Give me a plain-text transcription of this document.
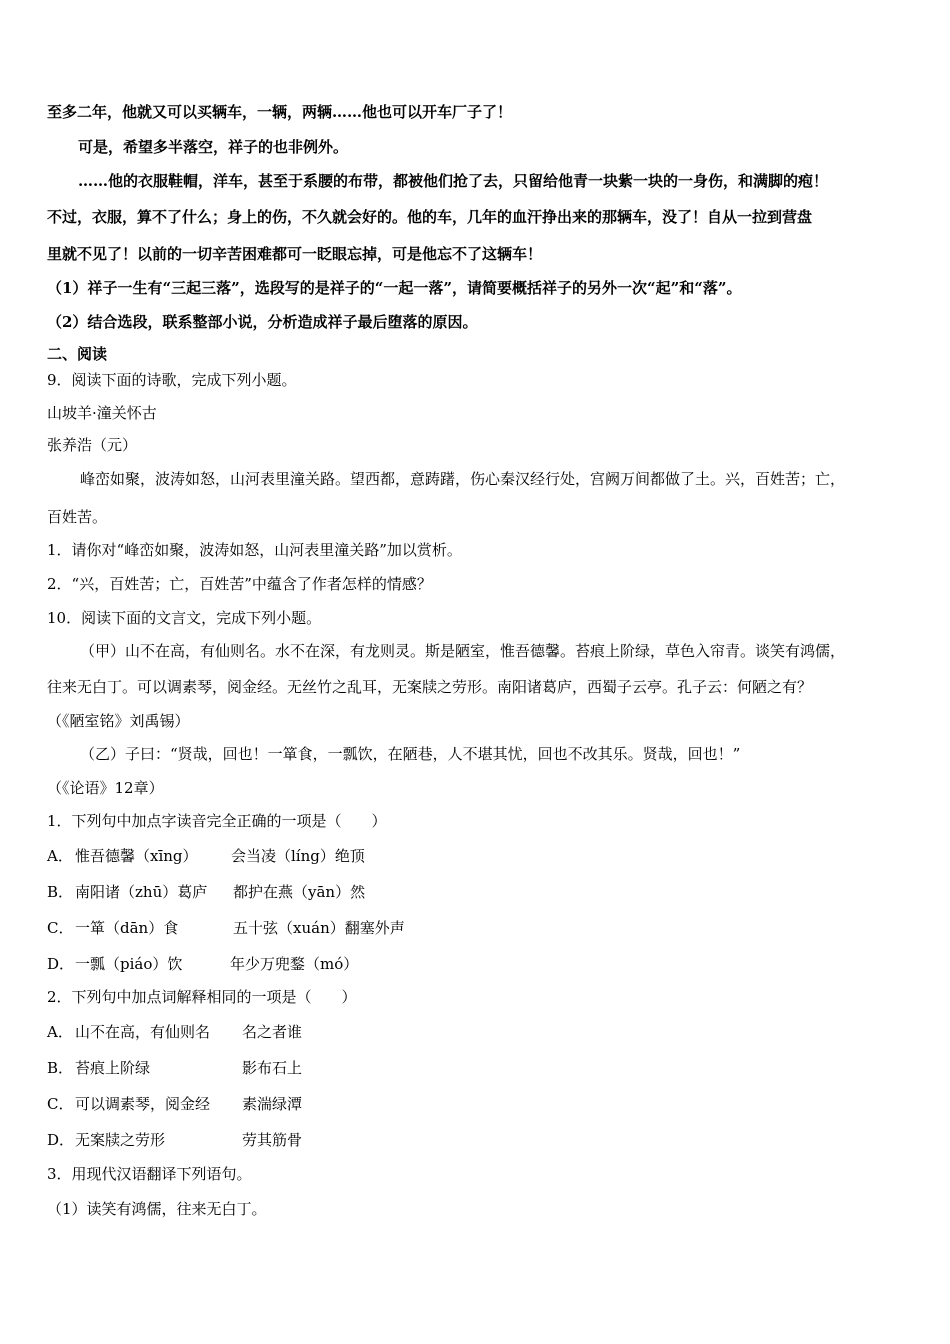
至多二年，他就又可以买辆车，一辆，两辆……他也可以开车厂子了！
可是，希望多半落空，祥子的也非例外。
……他的衣服鞋帽，洋车，甚至于系腰的布带，都被他们抢了去，只留给他青一块紫一块的一身伤，和满脚的疱！
不过，衣服，算不了什么；身上的伤，不久就会好的。他的车，几年的血汗挣出来的那辆车，没了！自从一拉到营盘
里就不见了！以前的一切辛苦困难都可一眨眼忘掉，可是他忘不了这辆车！
（1）祥子一生有“三起三落”，选段写的是祥子的“一起一落”，请简要概括祥子的另外一次“起”和“落”。
（2）结合选段，联系整部小说，分析造成祥子最后堕落的原因。
二、阅读
9．阅读下面的诗歌，完成下列小题。
山坡羊·潼关怀古
张养浩（元）
峰峦如聚，波涛如怒，山河表里潼关路。望西都，意踌躇，伤心秦汉经行处，宫阙万间都做了土。兴，百姓苦；亡，
百姓苦。
1．请你对“峰峦如聚，波涛如怒，山河表里潼关路”加以赏析。
2．“兴，百姓苦；亡，百姓苦”中蕴含了作者怎样的情感？
10．阅读下面的文言文，完成下列小题。
（甲）山不在高，有仙则名。水不在深，有龙则灵。斯是陋室，惟吾德馨。苔痕上阶绿，草色入帘青。谈笑有鸿儒，
往来无白丁。可以调素琴，阅金经。无丝竹之乱耳，无案牍之劳形。南阳诸葛庐，西蜀子云亭。孔子云：何陋之有？
（《陋室铭》刘禹锡）
（乙）子曰：“贤哉，回也！一箪食，一瓢饮，在陋巷，人不堪其忧，回也不改其乐。贤哉，回也！”
（《论语》12章）
1．下列句中加点字读音完全正确的一项是（　　）
A． 惟吾德馨（xīng） 会当凌（líng）绝顶
B． 南阳诸（zhū）葛庐 都护在燕（yān）然
C． 一箪（dān）食	五十弦（xuán）翻塞外声
D． 一瓢（piáo）饮	年少万兜鍪（mó）
2．下列句中加点词解释相同的一项是（　　）
A． 山不在高，有仙则名 名之者谁
B． 苔痕上阶绿	影布石上
C． 可以调素琴，阅金经 素湍绿潭
D． 无案牍之劳形	劳其筋骨
3．用现代汉语翻译下列语句。
（1）读笑有鸿儒，往来无白丁。
